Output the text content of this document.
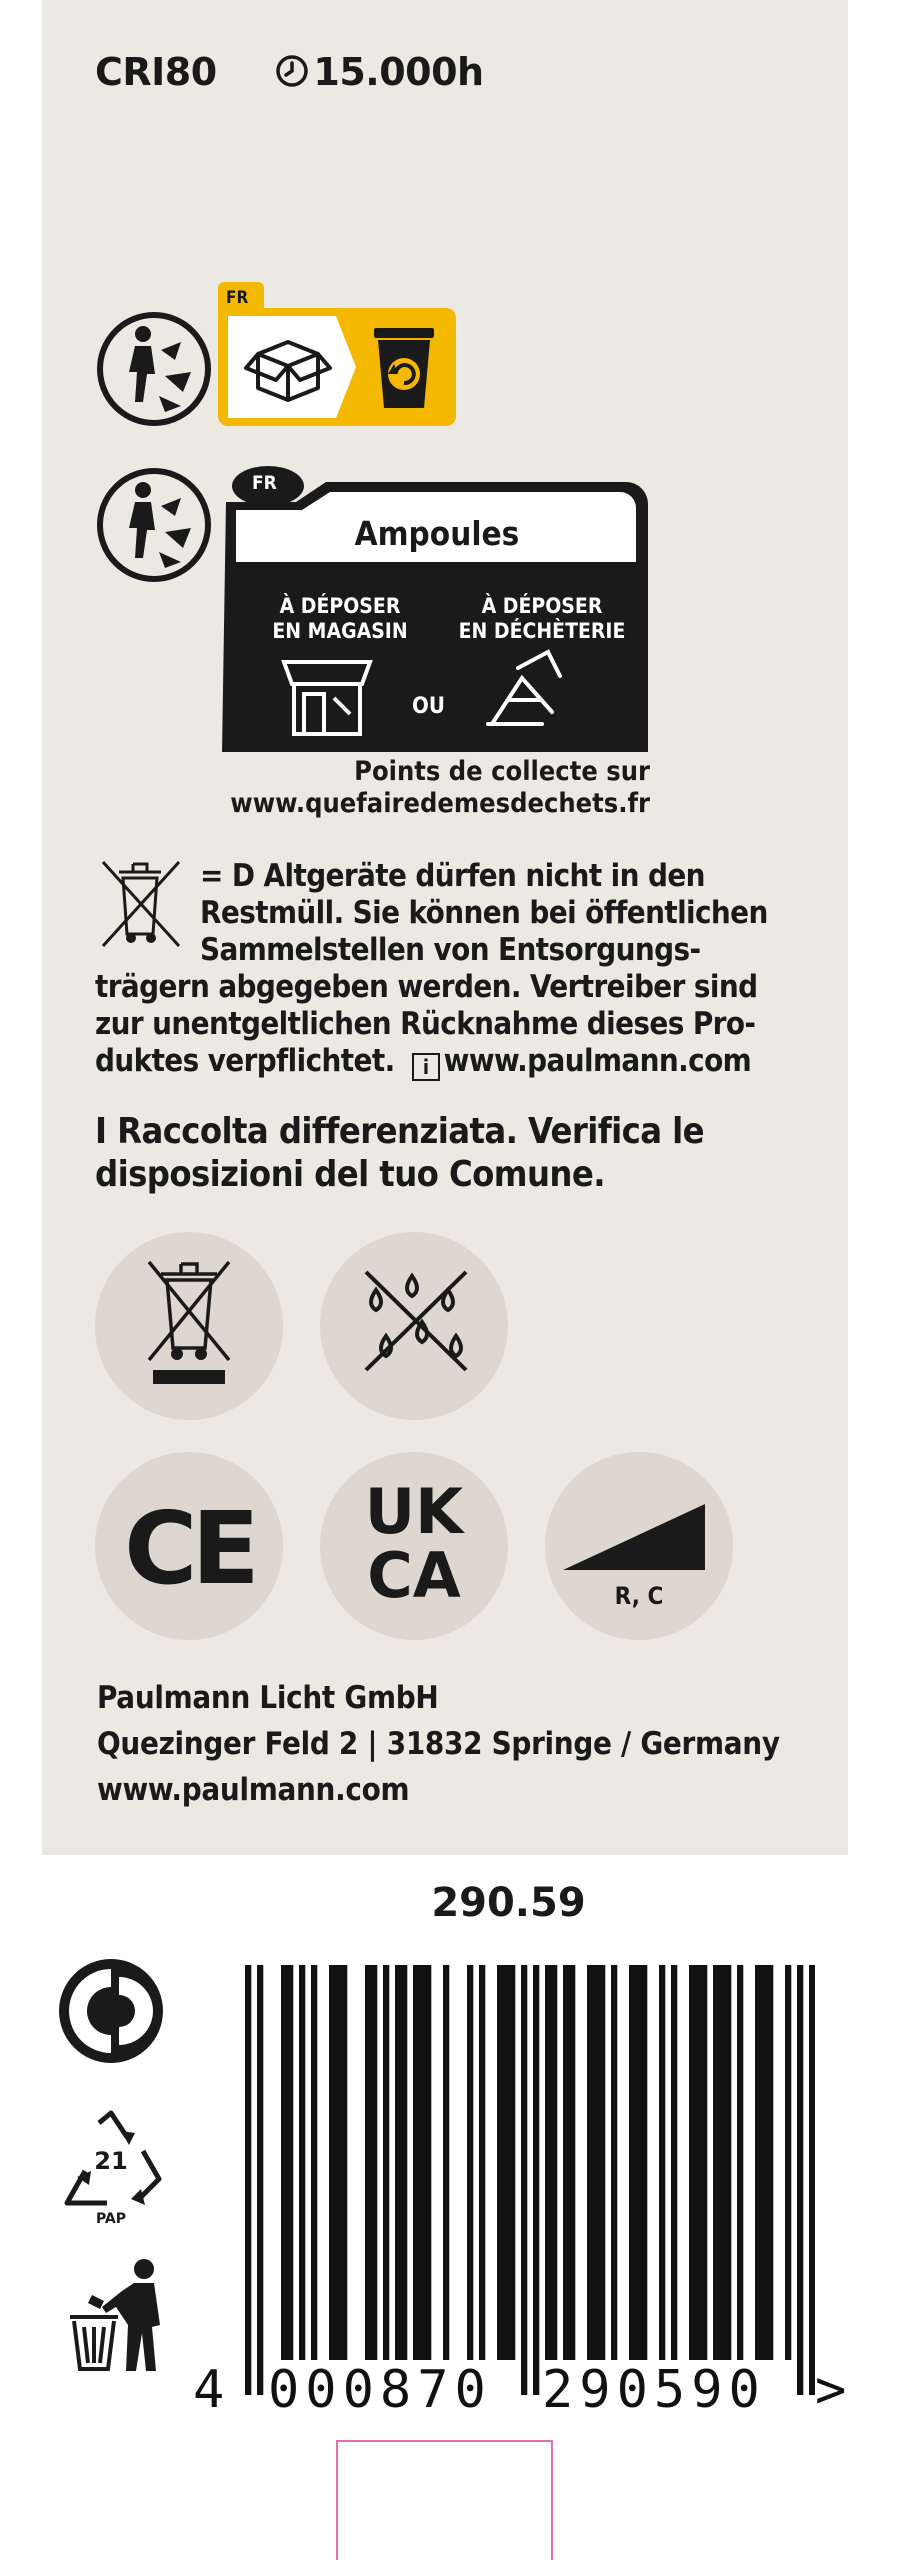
CRI80	15.000h
FR
FR
Ampoules
À DÉPOSER
EN MAGASIN
À DÉPOSER
EN DÉCHÈTERIE
OU
Points de collecte sur
www.quefairedemesdechets.fr
= D Altgeräte dürfen nicht in den
Restmüll. Sie können bei öffentlichen
Sammelstellen von Entsorgungs-
trägern abgegeben werden. Vertreiber sind
zur unentgeltlichen Rücknahme dieses Pro-
duktes verpflichtet. i www.paulmann.com
I Raccolta differenziata. Verifica le
disposizioni del tuo Comune.
CE	UK
CA	R, C
Paulmann Licht GmbH
Quezinger Feld 2 | 31832 Springe / Germany
www.paulmann.com
290.59
21
PAP
4 000870 290590 >
